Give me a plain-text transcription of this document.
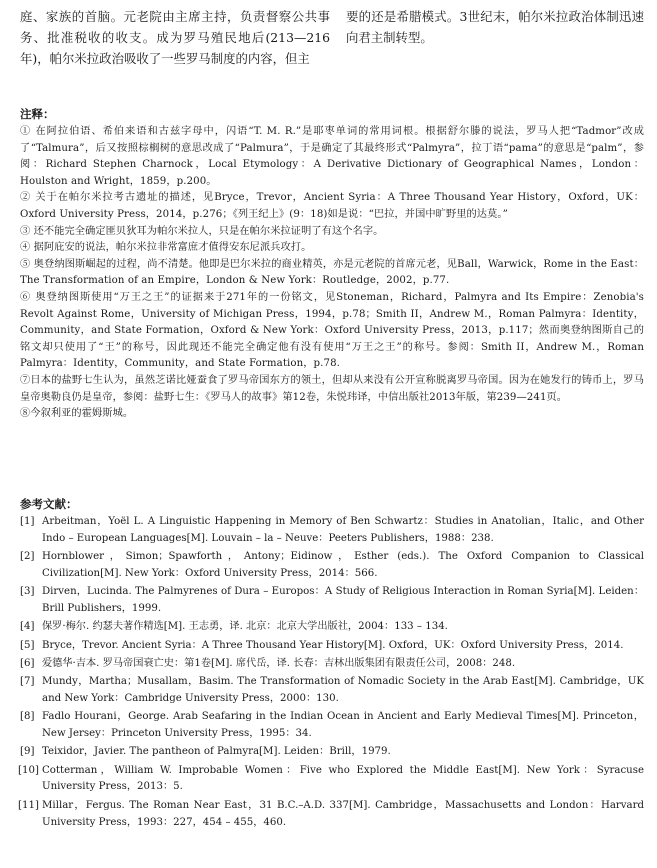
庭、家族的首脑。元老院由主席主持，负责督察公共事务、批准税收的收支。成为罗马殖民地后(213—216年)，帕尔米拉政治吸收了一些罗马制度的内容，但主

要的还是希腊模式。3世纪末，帕尔米拉政治体制迅速向君主制转型。

注释：

① 在阿拉伯语、希伯来语和古兹字母中，闪语“T. M. R.”是耶枣单词的常用词根。根据舒尔滕的说法，罗马人把“Tadmor”改成了“Talmura”，后又按照棕榈树的意思改成了“Palmura”，于是确定了其最终形式“Palmyra”，拉丁语“pama”的意思是“palm”，参阅：Richard Stephen Charnock，Local Etymology：A Derivative Dictionary of Geographical Names，London：Houlston and Wright，1859，p.200。

② 关于在帕尔米拉考古遗址的描述，见Bryce，Trevor，Ancient Syria：A Three Thousand Year History，Oxford，UK：Oxford University Press，2014，p.276；《列王纪上》(9：18)如是说：“巴拉，并国中旷野里的达莫。”

③ 还不能完全确定匪贝狄耳为帕尔米拉人，只是在帕尔米拉证明了有这个名字。

④ 据阿庇安的说法，帕尔米拉非常富庶才值得安东尼派兵攻打。

⑤ 奥登纳图斯崛起的过程，尚不清楚。他即是巴尔米拉的商业精英，亦是元老院的首席元老，见Ball，Warwick，Rome in the East：The Transformation of an Empire，London & New York：Routledge，2002，p.77.

⑥ 奥登纳图斯使用“万王之王”的证据来于271年的一份铭文，见Stoneman，Richard，Palmyra and Its Empire：Zenobia's Revolt Against Rome，University of Michigan Press，1994，p.78；Smith II，Andrew M.，Roman Palmyra：Identity，Community，and State Formation，Oxford & New York：Oxford University Press，2013，p.117；然而奥登纳图斯自己的铭文却只使用了“王”的称号，因此现还不能完全确定他有没有使用“万王之王”的称号。参阅：Smith II，Andrew M.，Roman Palmyra：Identity，Community，and State Formation，p.78.

⑦日本的盐野七生认为，虽然芝诺比娅蚕食了罗马帝国东方的领土，但却从来没有公开宣称脱离罗马帝国。因为在她发行的铸币上，罗马皇帝奥勒良仍是皇帝，参阅：盐野七生：《罗马人的故事》第12卷，朱悦玮译，中信出版社2013年版，第239—241页。

⑧今叙利亚的霍姆斯城。

参考文献：
[1] Arbeitman，Yoël L. A Linguistic Happening in Memory of Ben Schwartz：Studies in Anatolian，Italic，and Other Indo – European Languages[M]. Louvain – la – Neuve：Peeters Publishers，1988：238.
[2] Hornblower，Simon；Spawforth，Antony；Eidinow，Esther (eds.). The Oxford Companion to Classical Civilization[M]. New York：Oxford University Press，2014：566.
[3] Dirven，Lucinda. The Palmyrenes of Dura – Europos：A Study of Religious Interaction in Roman Syria[M]. Leiden：Brill Publishers，1999.
[4] 保罗·梅尔. 约瑟夫著作精选[M]. 王志勇，译. 北京：北京大学出版社，2004：133 – 134.
[5] Bryce，Trevor. Ancient Syria：A Three Thousand Year History[M]. Oxford，UK：Oxford University Press，2014.
[6] 爱德华·吉本. 罗马帝国衰亡史：第1卷[M]. 席代岳，译. 长春：吉林出版集团有限责任公司，2008：248.
[7] Mundy，Martha；Musallam，Basim. The Transformation of Nomadic Society in the Arab East[M]. Cambridge，UK and New York：Cambridge University Press，2000：130.
[8] Fadlo Hourani，George. Arab Seafaring in the Indian Ocean in Ancient and Early Medieval Times[M]. Princeton，New Jersey：Princeton University Press，1995：34.
[9] Teixidor，Javier. The pantheon of Palmyra[M]. Leiden：Brill，1979.
[10] Cotterman，William W. Improbable Women：Five who Explored the Middle East[M]. New York：Syracuse University Press，2013：5.
[11] Millar，Fergus. The Roman Near East，31 B.C.–A.D. 337[M]. Cambridge，Massachusetts and London：Harvard University Press，1993：227，454 – 455，460.
